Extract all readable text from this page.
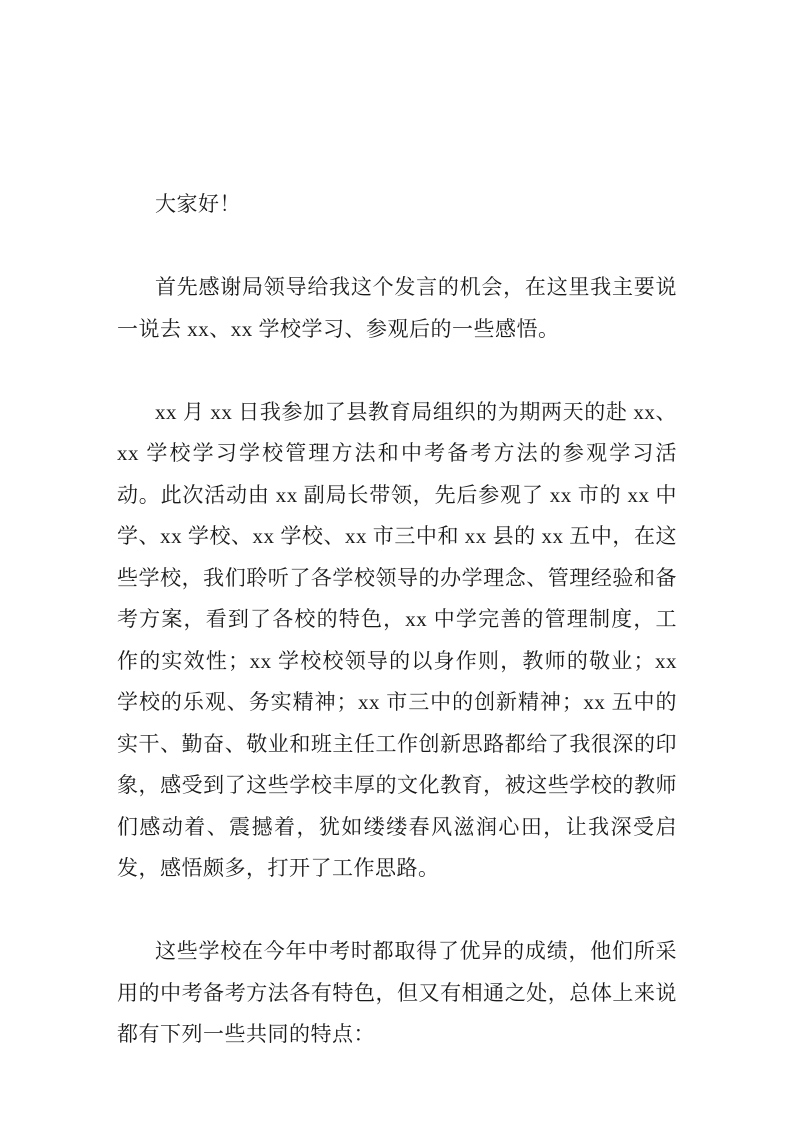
大家好！

首先感谢局领导给我这个发言的机会，在这里我主要说一说去 xx、xx 学校学习、参观后的一些感悟。

xx 月 xx 日我参加了县教育局组织的为期两天的赴 xx、xx 学校学习学校管理方法和中考备考方法的参观学习活动。此次活动由 xx 副局长带领，先后参观了 xx 市的 xx 中学、xx 学校、xx 学校、xx 市三中和 xx 县的 xx 五中，在这些学校，我们聆听了各学校领导的办学理念、管理经验和备考方案，看到了各校的特色，xx 中学完善的管理制度，工作的实效性；xx 学校校领导的以身作则，教师的敬业；xx 学校的乐观、务实精神；xx 市三中的创新精神；xx 五中的实干、勤奋、敬业和班主任工作创新思路都给了我很深的印象，感受到了这些学校丰厚的文化教育，被这些学校的教师们感动着、震撼着，犹如缕缕春风滋润心田，让我深受启发，感悟颇多，打开了工作思路。

这些学校在今年中考时都取得了优异的成绩，他们所采用的中考备考方法各有特色，但又有相通之处，总体上来说都有下列一些共同的特点：
